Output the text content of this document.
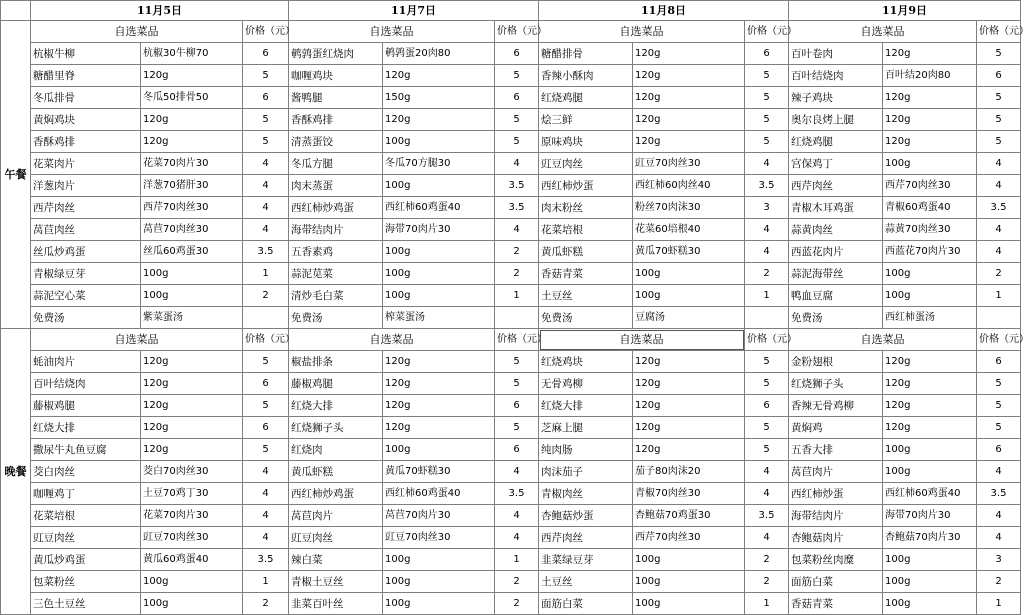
	11月5日			11月7日			11月8日			11月9日		
午餐	自选菜品		价格（元）	自选菜品		价格（元）	自选菜品		价格（元）	自选菜品		价格（元）
	杭椒牛柳	杭椒30牛柳70	6	鹌鹑蛋红烧肉	鹌鹑蛋20肉80	6	糖醋排骨	120g	6	百叶卷肉	120g	5
	糖醋里脊	120g	5	咖喱鸡块	120g	5	香辣小酥肉	120g	5	百叶结烧肉	百叶结20肉80	6
	冬瓜排骨	冬瓜50排骨50	6	酱鸭腿	150g	6	红烧鸡腿	120g	5	辣子鸡块	120g	5
	黄焖鸡块	120g	5	香酥鸡排	120g	5	烩三鲜	120g	5	奥尔良烤上腿	120g	5
	香酥鸡排	120g	5	清蒸蛋饺	100g	5	原味鸡块	120g	5	红烧鸡腿	120g	5
	花菜肉片	花菜70肉片30	4	冬瓜方腿	冬瓜70方腿30	4	豇豆肉丝	豇豆70肉丝30	4	宫保鸡丁	100g	4
	洋葱肉片	洋葱70猪肝30	4	肉末蒸蛋	100g	3.5	西红柿炒蛋	西红柿60肉丝40	3.5	西芹肉丝	西芹70肉丝30	4
	西芹肉丝	西芹70肉丝30	4	西红柿炒鸡蛋	西红柿60鸡蛋40	3.5	肉末粉丝	粉丝70肉沫30	3	青椒木耳鸡蛋	青椒60鸡蛋40	3.5
	莴苣肉丝	莴苣70肉丝30	4	海带结肉片	海带70肉片30	4	花菜培根	花菜60培根40	4	蒜黄肉丝	蒜黄70肉丝30	4
	丝瓜炒鸡蛋	丝瓜60鸡蛋30	3.5	五香素鸡	100g	2	黄瓜虾糕	黄瓜70虾糕30	4	西蓝花肉片	西蓝花70肉片30	4
	青椒绿豆芽	100g	1	蒜泥苋菜	100g	2	香菇青菜	100g	2	蒜泥海带丝	100g	2
	蒜泥空心菜	100g	2	清炒毛白菜	100g	1	土豆丝	100g	1	鸭血豆腐	100g	1
	免费汤	紫菜蛋汤		免费汤	榨菜蛋汤		免费汤	豆腐汤		免费汤	西红柿蛋汤	
晚餐	自选菜品		价格（元）	自选菜品		价格（元）	自选菜品		价格（元）	自选菜品		价格（元）
	蚝油肉片	120g	5	椒盐排条	120g	5	红烧鸡块	120g	5	金粉翅根	120g	6
	百叶结烧肉	120g	6	藤椒鸡腿	120g	5	无骨鸡柳	120g	5	红烧狮子头	120g	5
	藤椒鸡腿	120g	5	红烧大排	120g	6	红烧大排	120g	6	香辣无骨鸡柳	120g	5
	红烧大排	120g	6	红烧狮子头	120g	5	芝麻上腿	120g	5	黄焖鸡	120g	5
	撒尿牛丸鱼豆腐	120g	5	红烧肉	100g	6	纯肉肠	120g	5	五香大排	100g	6
	茭白肉丝	茭白70肉丝30	4	黄瓜虾糕	黄瓜70虾糕30	4	肉沫茄子	茄子80肉沫20	4	莴苣肉片	100g	4
	咖喱鸡丁	土豆70鸡丁30	4	西红柿炒鸡蛋	西红柿60鸡蛋40	3.5	青椒肉丝	青椒70肉丝30	4	西红柿炒蛋	西红柿60鸡蛋40	3.5
	花菜培根	花菜70肉片30	4	莴苣肉片	莴苣70肉片30	4	杏鲍菇炒蛋	杏鲍菇70鸡蛋30	3.5	海带结肉片	海带70肉片30	4
	豇豆肉丝	豇豆70肉丝30	4	豇豆肉丝	豇豆70肉丝30	4	西芹肉丝	西芹70肉丝30	4	杏鲍菇肉片	杏鲍菇70肉片30	4
	黄瓜炒鸡蛋	黄瓜60鸡蛋40	3.5	辣白菜	100g	1	韭菜绿豆芽	100g	2	包菜粉丝肉糜	100g	3
	包菜粉丝	100g	1	青椒土豆丝	100g	2	土豆丝	100g	2	面筋白菜	100g	2
	三色土豆丝	100g	2	韭菜百叶丝	100g	2	面筋白菜	100g	1	香菇青菜	100g	1
